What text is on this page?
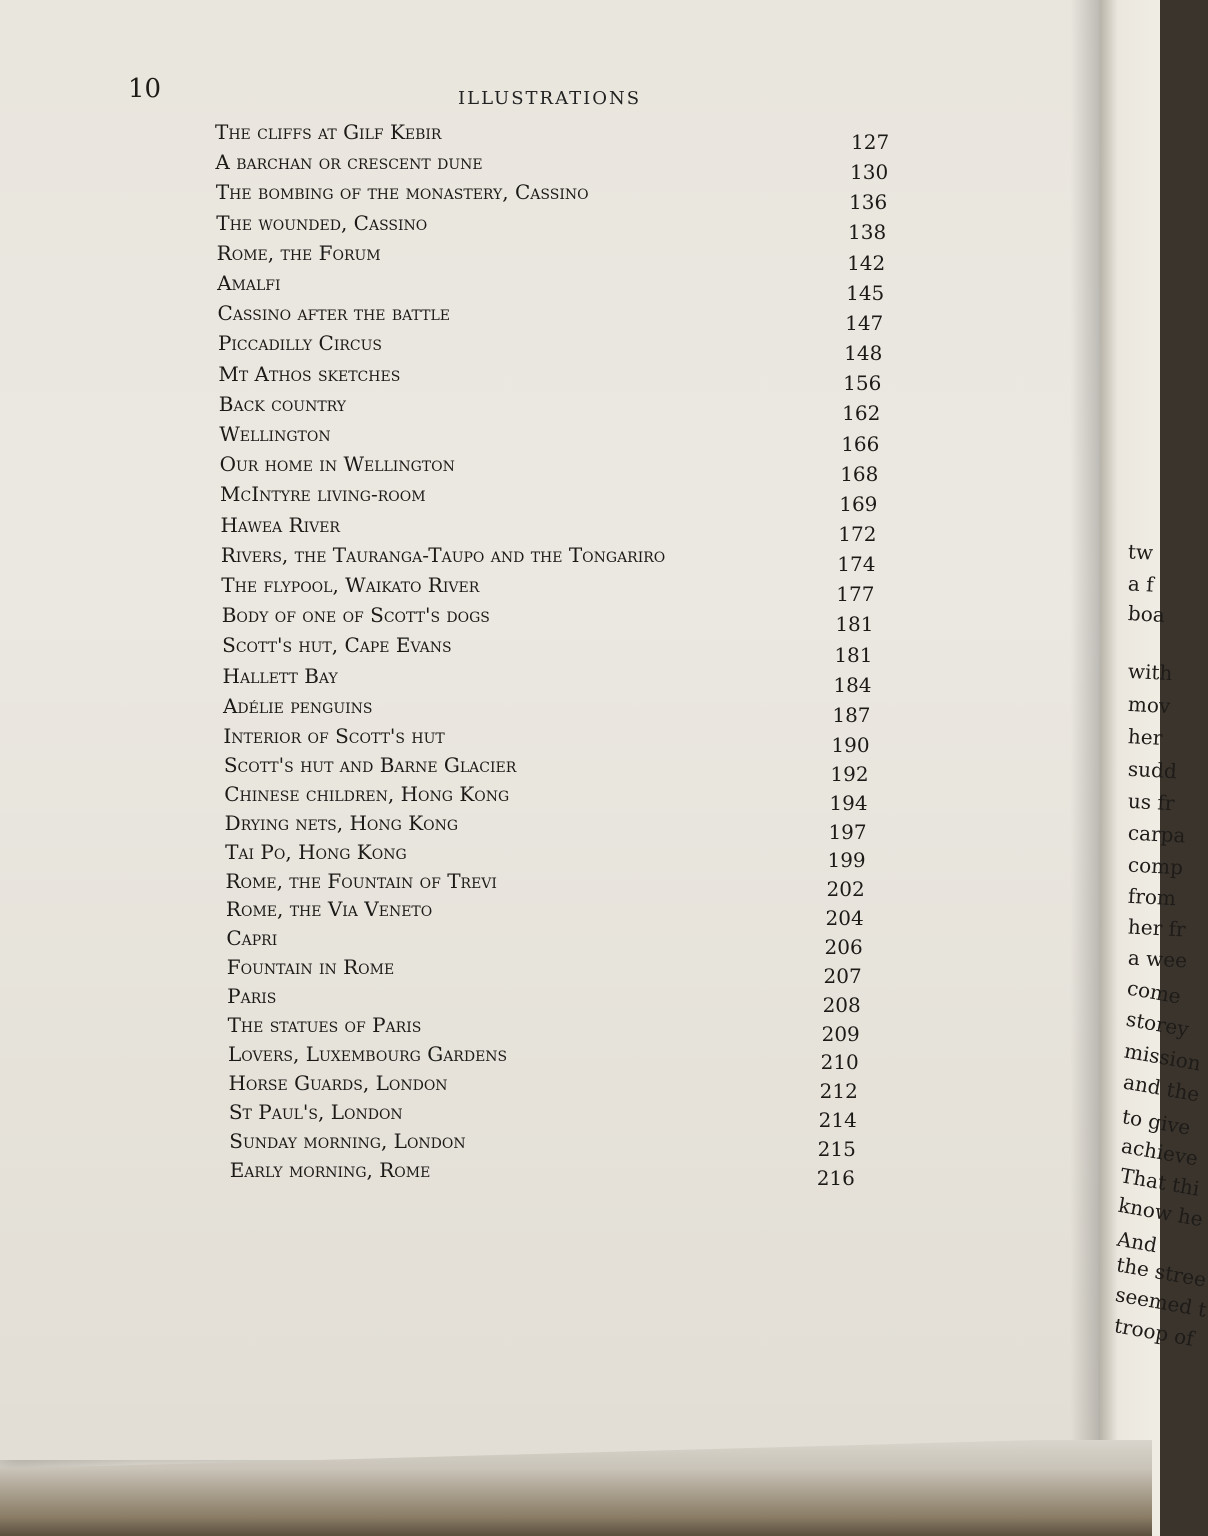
10	ILLUSTRATIONS
The cliffs at Gilf Kebir	127
A barchan or crescent dune	130
The bombing of the monastery, Cassino	136
The wounded, Cassino	138
Rome, the Forum	142
Amalfi	145
Cassino after the battle	147
Piccadilly Circus	148
Mt Athos sketches	156
Back country	162
Wellington	166
Our home in Wellington	168
McIntyre living-room	169
Hawea River	172
Rivers, the Tauranga-Taupo and the Tongariro	174
The flypool, Waikato River	177
Body of one of Scott's dogs	181
Scott's hut, Cape Evans	181
Hallett Bay	184
Adélie penguins	187
Interior of Scott's hut	190
Scott's hut and Barne Glacier	192
Chinese children, Hong Kong	194
Drying nets, Hong Kong	197
Tai Po, Hong Kong	199
Rome, the Fountain of Trevi	202
Rome, the Via Veneto	204
Capri	206
Fountain in Rome	207
Paris	208
The statues of Paris	209
Lovers, Luxembourg Gardens	210
Horse Guards, London	212
St Paul's, London	214
Sunday morning, London	215
Early morning, Rome	216
tw
a f
boa
with
mov
her
sudd
us fr
carpa
comp
from
her fr
a wee
come
storey
mission
and the
to give
achieve
That thi
know he
And
the stree
seemed t
troop of
